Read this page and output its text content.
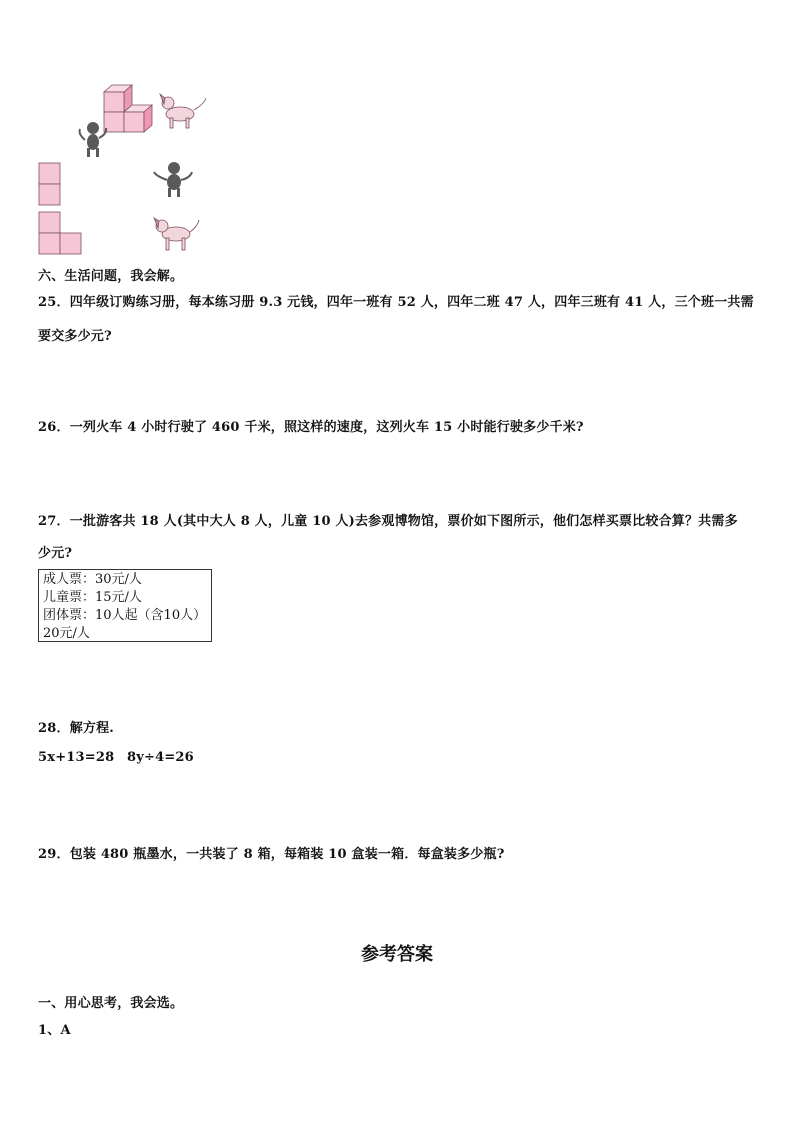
六、生活问题，我会解。
25．四年级订购练习册，每本练习册 9.3 元钱，四年一班有 52 人，四年二班 47 人，四年三班有 41 人，三个班一共需
要交多少元?
26．一列火车 4 小时行驶了 460 千米，照这样的速度，这列火车 15 小时能行驶多少千米?
27．一批游客共 18 人(其中大人 8 人，儿童 10 人)去参观博物馆，票价如下图所示，他们怎样买票比较合算？共需多
少元?
成人票：30元/人
儿童票：15元/人
团体票：10人起（含10人）
20元/人
28．解方程.
5x+13=28 8y÷4=26
29．包装 480 瓶墨水，一共装了 8 箱，每箱装 10 盒装一箱．每盒装多少瓶?
参考答案
一、用心思考，我会选。
1、A
